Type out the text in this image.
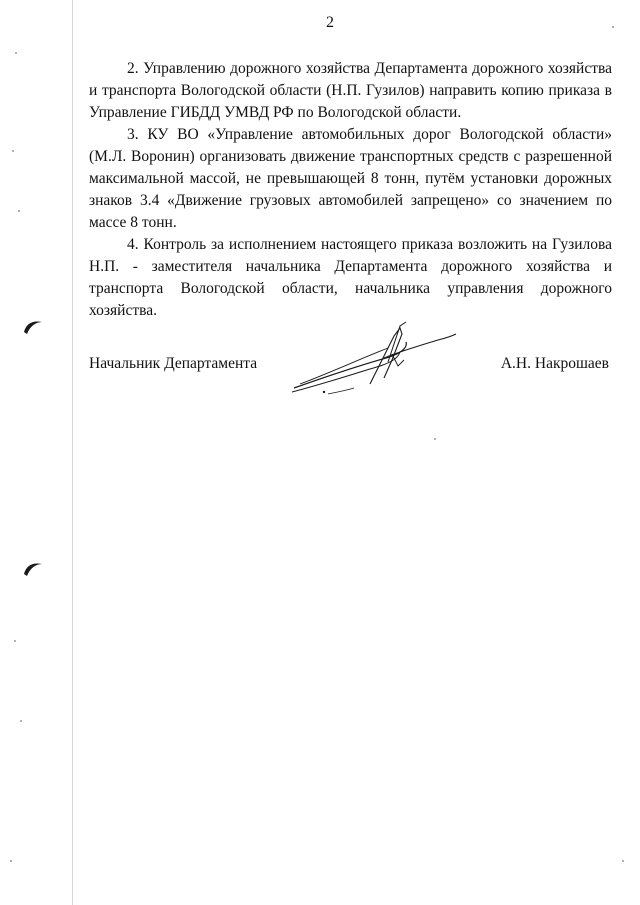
2

2. Управлению дорожного хозяйства Департамента дорожного хозяйства и транспорта Вологодской области (Н.П. Гузилов) направить копию приказа в Управление ГИБДД УМВД РФ по Вологодской области.

3. КУ ВО «Управление автомобильных дорог Вологодской области» (М.Л. Воронин) организовать движение транспортных средств с разрешенной максимальной массой, не превышающей 8 тонн, путём установки дорожных знаков 3.4 «Движение грузовых автомобилей запрещено» со значением по массе 8 тонн.

4. Контроль за исполнением настоящего приказа возложить на Гузилова Н.П. - заместителя начальника Департамента дорожного хозяйства и транспорта Вологодской области, начальника управления дорожного хозяйства.

Начальник Департамента	А.Н. Накрошаев
